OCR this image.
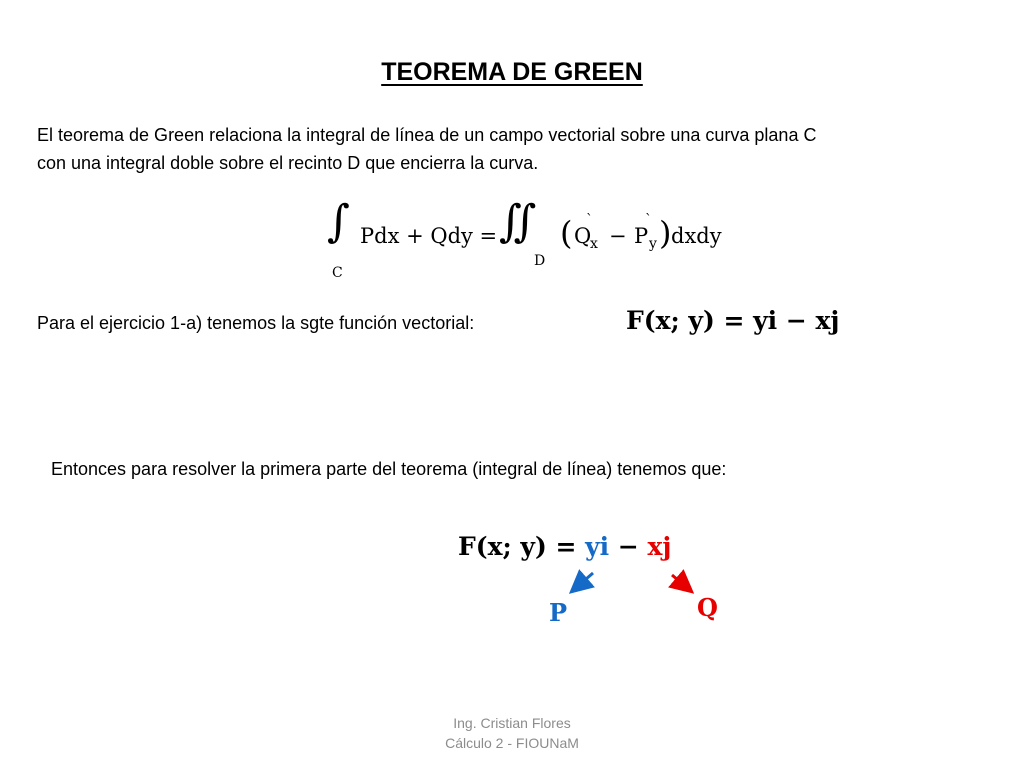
TEOREMA DE GREEN
El teorema de Green relaciona la integral de línea de un campo vectorial sobre una curva plana C
con una integral doble sobre el recinto D que encierra la curva.
∫
C
Pdx + Qdy = ∬
D
( Q
`
x − P
`
y ) dxdy
Para el ejercicio 1-a) tenemos la sgte función vectorial:	F(x; y) = yi − xj
Entonces para resolver la primera parte del teorema (integral de línea) tenemos que:
F(x; y) = yi − xj
P	Q
Ing. Cristian Flores
Cálculo 2 - FIOUNaM
